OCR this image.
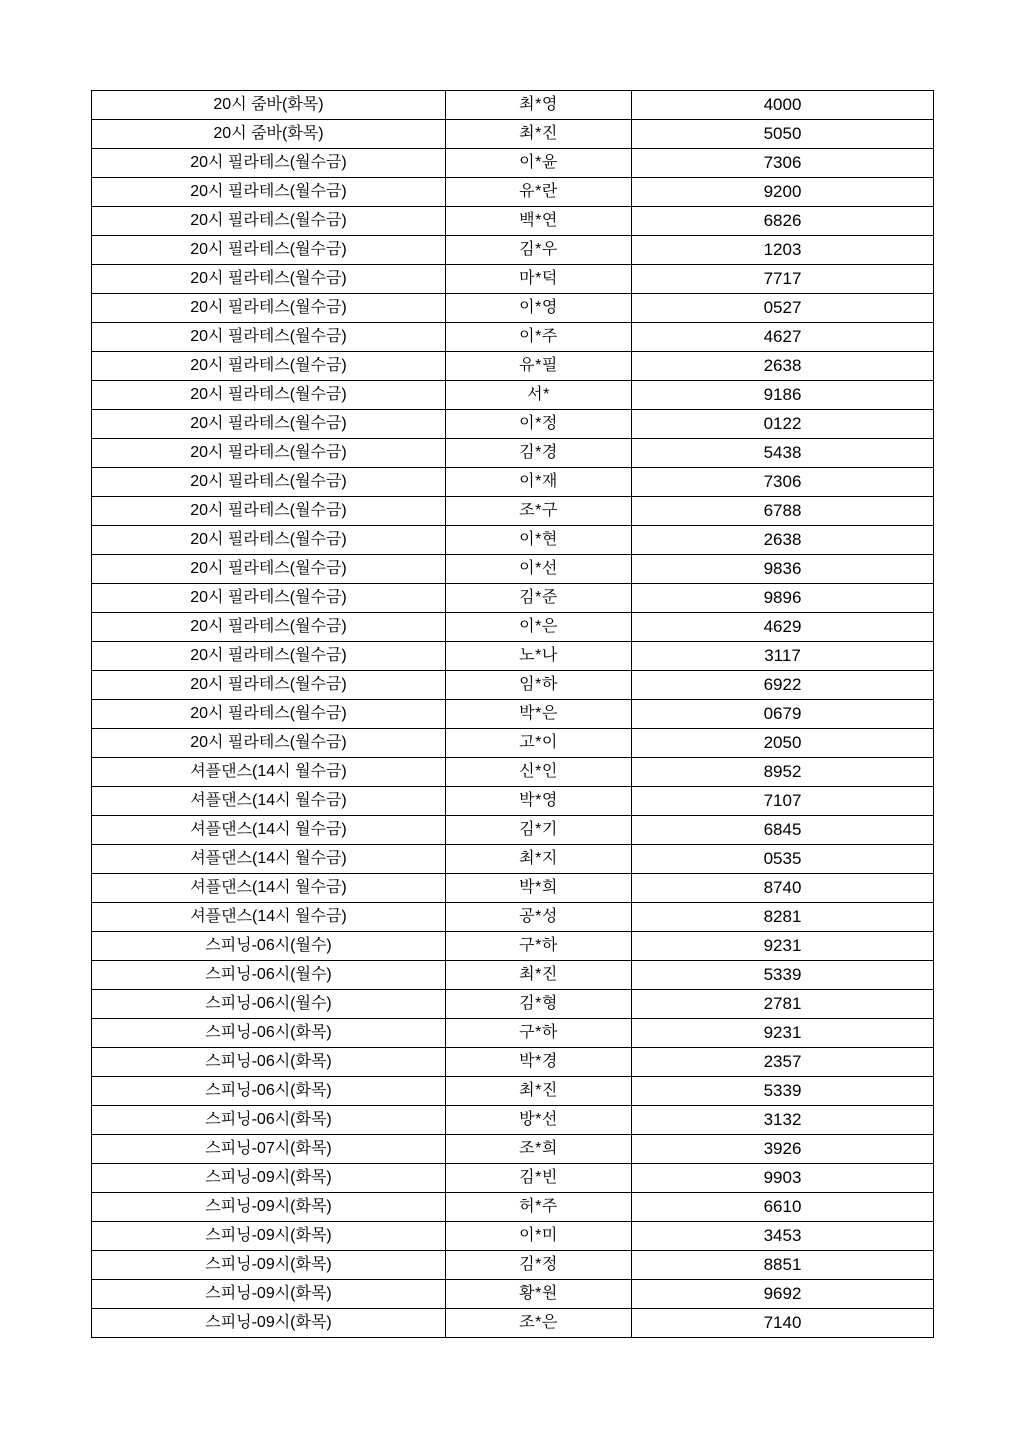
20시 줌바(화목)	최*영	4000
20시 줌바(화목)	최*진	5050
20시 필라테스(월수금)	이*윤	7306
20시 필라테스(월수금)	유*란	9200
20시 필라테스(월수금)	백*연	6826
20시 필라테스(월수금)	김*우	1203
20시 필라테스(월수금)	마*덕	7717
20시 필라테스(월수금)	이*영	0527
20시 필라테스(월수금)	이*주	4627
20시 필라테스(월수금)	유*필	2638
20시 필라테스(월수금)	서*	9186
20시 필라테스(월수금)	이*정	0122
20시 필라테스(월수금)	김*경	5438
20시 필라테스(월수금)	이*재	7306
20시 필라테스(월수금)	조*구	6788
20시 필라테스(월수금)	이*현	2638
20시 필라테스(월수금)	이*선	9836
20시 필라테스(월수금)	김*준	9896
20시 필라테스(월수금)	이*은	4629
20시 필라테스(월수금)	노*나	3117
20시 필라테스(월수금)	임*하	6922
20시 필라테스(월수금)	박*은	0679
20시 필라테스(월수금)	고*이	2050
셔플댄스(14시 월수금)	신*인	8952
셔플댄스(14시 월수금)	박*영	7107
셔플댄스(14시 월수금)	김*기	6845
셔플댄스(14시 월수금)	최*지	0535
셔플댄스(14시 월수금)	박*희	8740
셔플댄스(14시 월수금)	공*성	8281
스피닝-06시(월수)	구*하	9231
스피닝-06시(월수)	최*진	5339
스피닝-06시(월수)	김*형	2781
스피닝-06시(화목)	구*하	9231
스피닝-06시(화목)	박*경	2357
스피닝-06시(화목)	최*진	5339
스피닝-06시(화목)	방*선	3132
스피닝-07시(화목)	조*희	3926
스피닝-09시(화목)	김*빈	9903
스피닝-09시(화목)	허*주	6610
스피닝-09시(화목)	이*미	3453
스피닝-09시(화목)	김*정	8851
스피닝-09시(화목)	황*원	9692
스피닝-09시(화목)	조*은	7140
